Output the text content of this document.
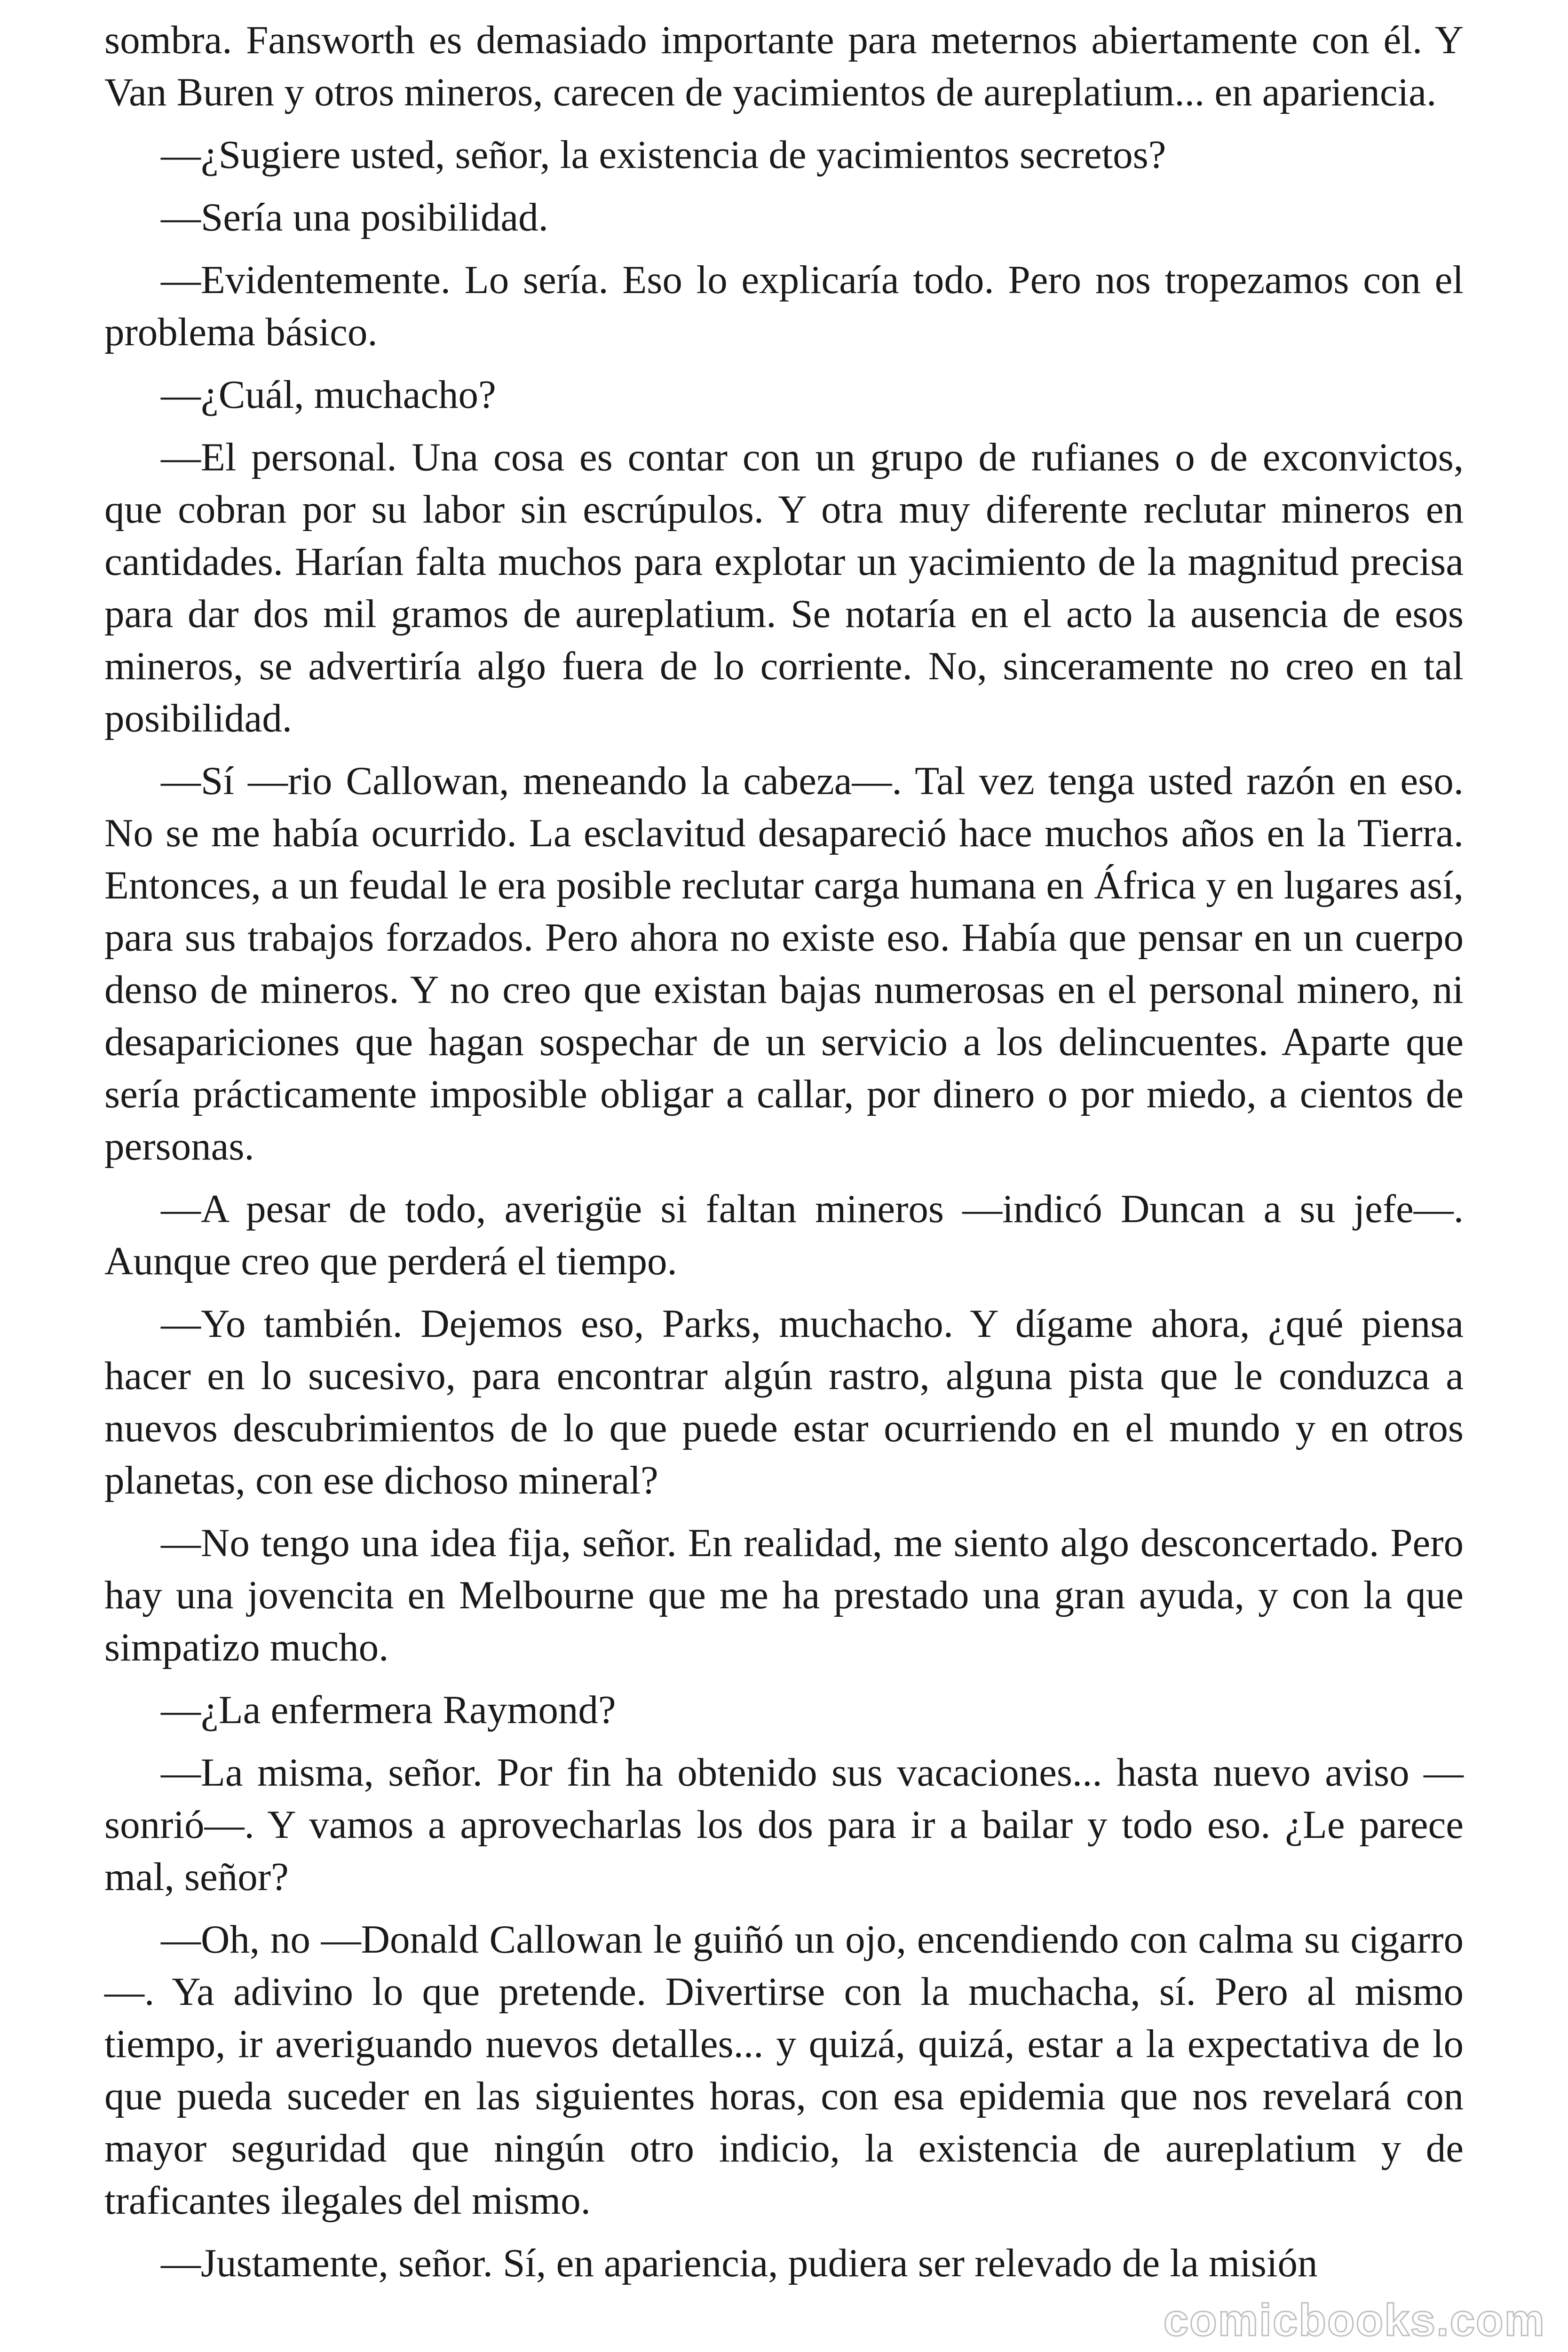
sombra. Fansworth es demasiado importante para meternos abiertamente con él. Y Van Buren y otros mineros, carecen de yacimientos de aureplatium... en apariencia.

—¿Sugiere usted, señor, la existencia de yacimientos secretos?

—Sería una posibilidad.

—Evidentemente. Lo sería. Eso lo explicaría todo. Pero nos tropezamos con el problema básico.

—¿Cuál, muchacho?

—El personal. Una cosa es contar con un grupo de rufianes o de exconvictos, que cobran por su labor sin escrúpulos. Y otra muy diferente reclutar mineros en cantidades. Harían falta muchos para explotar un yacimiento de la magnitud precisa para dar dos mil gramos de aureplatium. Se notaría en el acto la ausencia de esos mineros, se advertiría algo fuera de lo corriente. No, sinceramente no creo en tal posibilidad.

—Sí —rio Callowan, meneando la cabeza—. Tal vez tenga usted razón en eso. No se me había ocurrido. La esclavitud desapareció hace muchos años en la Tierra. Entonces, a un feudal le era posible reclutar carga humana en África y en lugares así, para sus trabajos forzados. Pero ahora no existe eso. Había que pensar en un cuerpo denso de mineros. Y no creo que existan bajas numerosas en el personal minero, ni desapariciones que hagan sospechar de un servicio a los delincuentes. Aparte que sería prácticamente imposible obligar a callar, por dinero o por miedo, a cientos de personas.

—A pesar de todo, averigüe si faltan mineros —indicó Duncan a su jefe—. Aunque creo que perderá el tiempo.

—Yo también. Dejemos eso, Parks, muchacho. Y dígame ahora, ¿qué piensa hacer en lo sucesivo, para encontrar algún rastro, alguna pista que le conduzca a nuevos descubrimientos de lo que puede estar ocurriendo en el mundo y en otros planetas, con ese dichoso mineral?

—No tengo una idea fija, señor. En realidad, me siento algo desconcertado. Pero hay una jovencita en Melbourne que me ha prestado una gran ayuda, y con la que simpatizo mucho.

—¿La enfermera Raymond?

—La misma, señor. Por fin ha obtenido sus vacaciones... hasta nuevo aviso —sonrió—. Y vamos a aprovecharlas los dos para ir a bailar y todo eso. ¿Le parece mal, señor?

—Oh, no —Donald Callowan le guiñó un ojo, encendiendo con calma su cigarro—. Ya adivino lo que pretende. Divertirse con la muchacha, sí. Pero al mismo tiempo, ir averiguando nuevos detalles... y quizá, quizá, estar a la expectativa de lo que pueda suceder en las siguientes horas, con esa epidemia que nos revelará con mayor seguridad que ningún otro indicio, la existencia de aureplatium y de traficantes ilegales del mismo.

—Justamente, señor. Sí, en apariencia, pudiera ser relevado de la misión

comicbooks.com
